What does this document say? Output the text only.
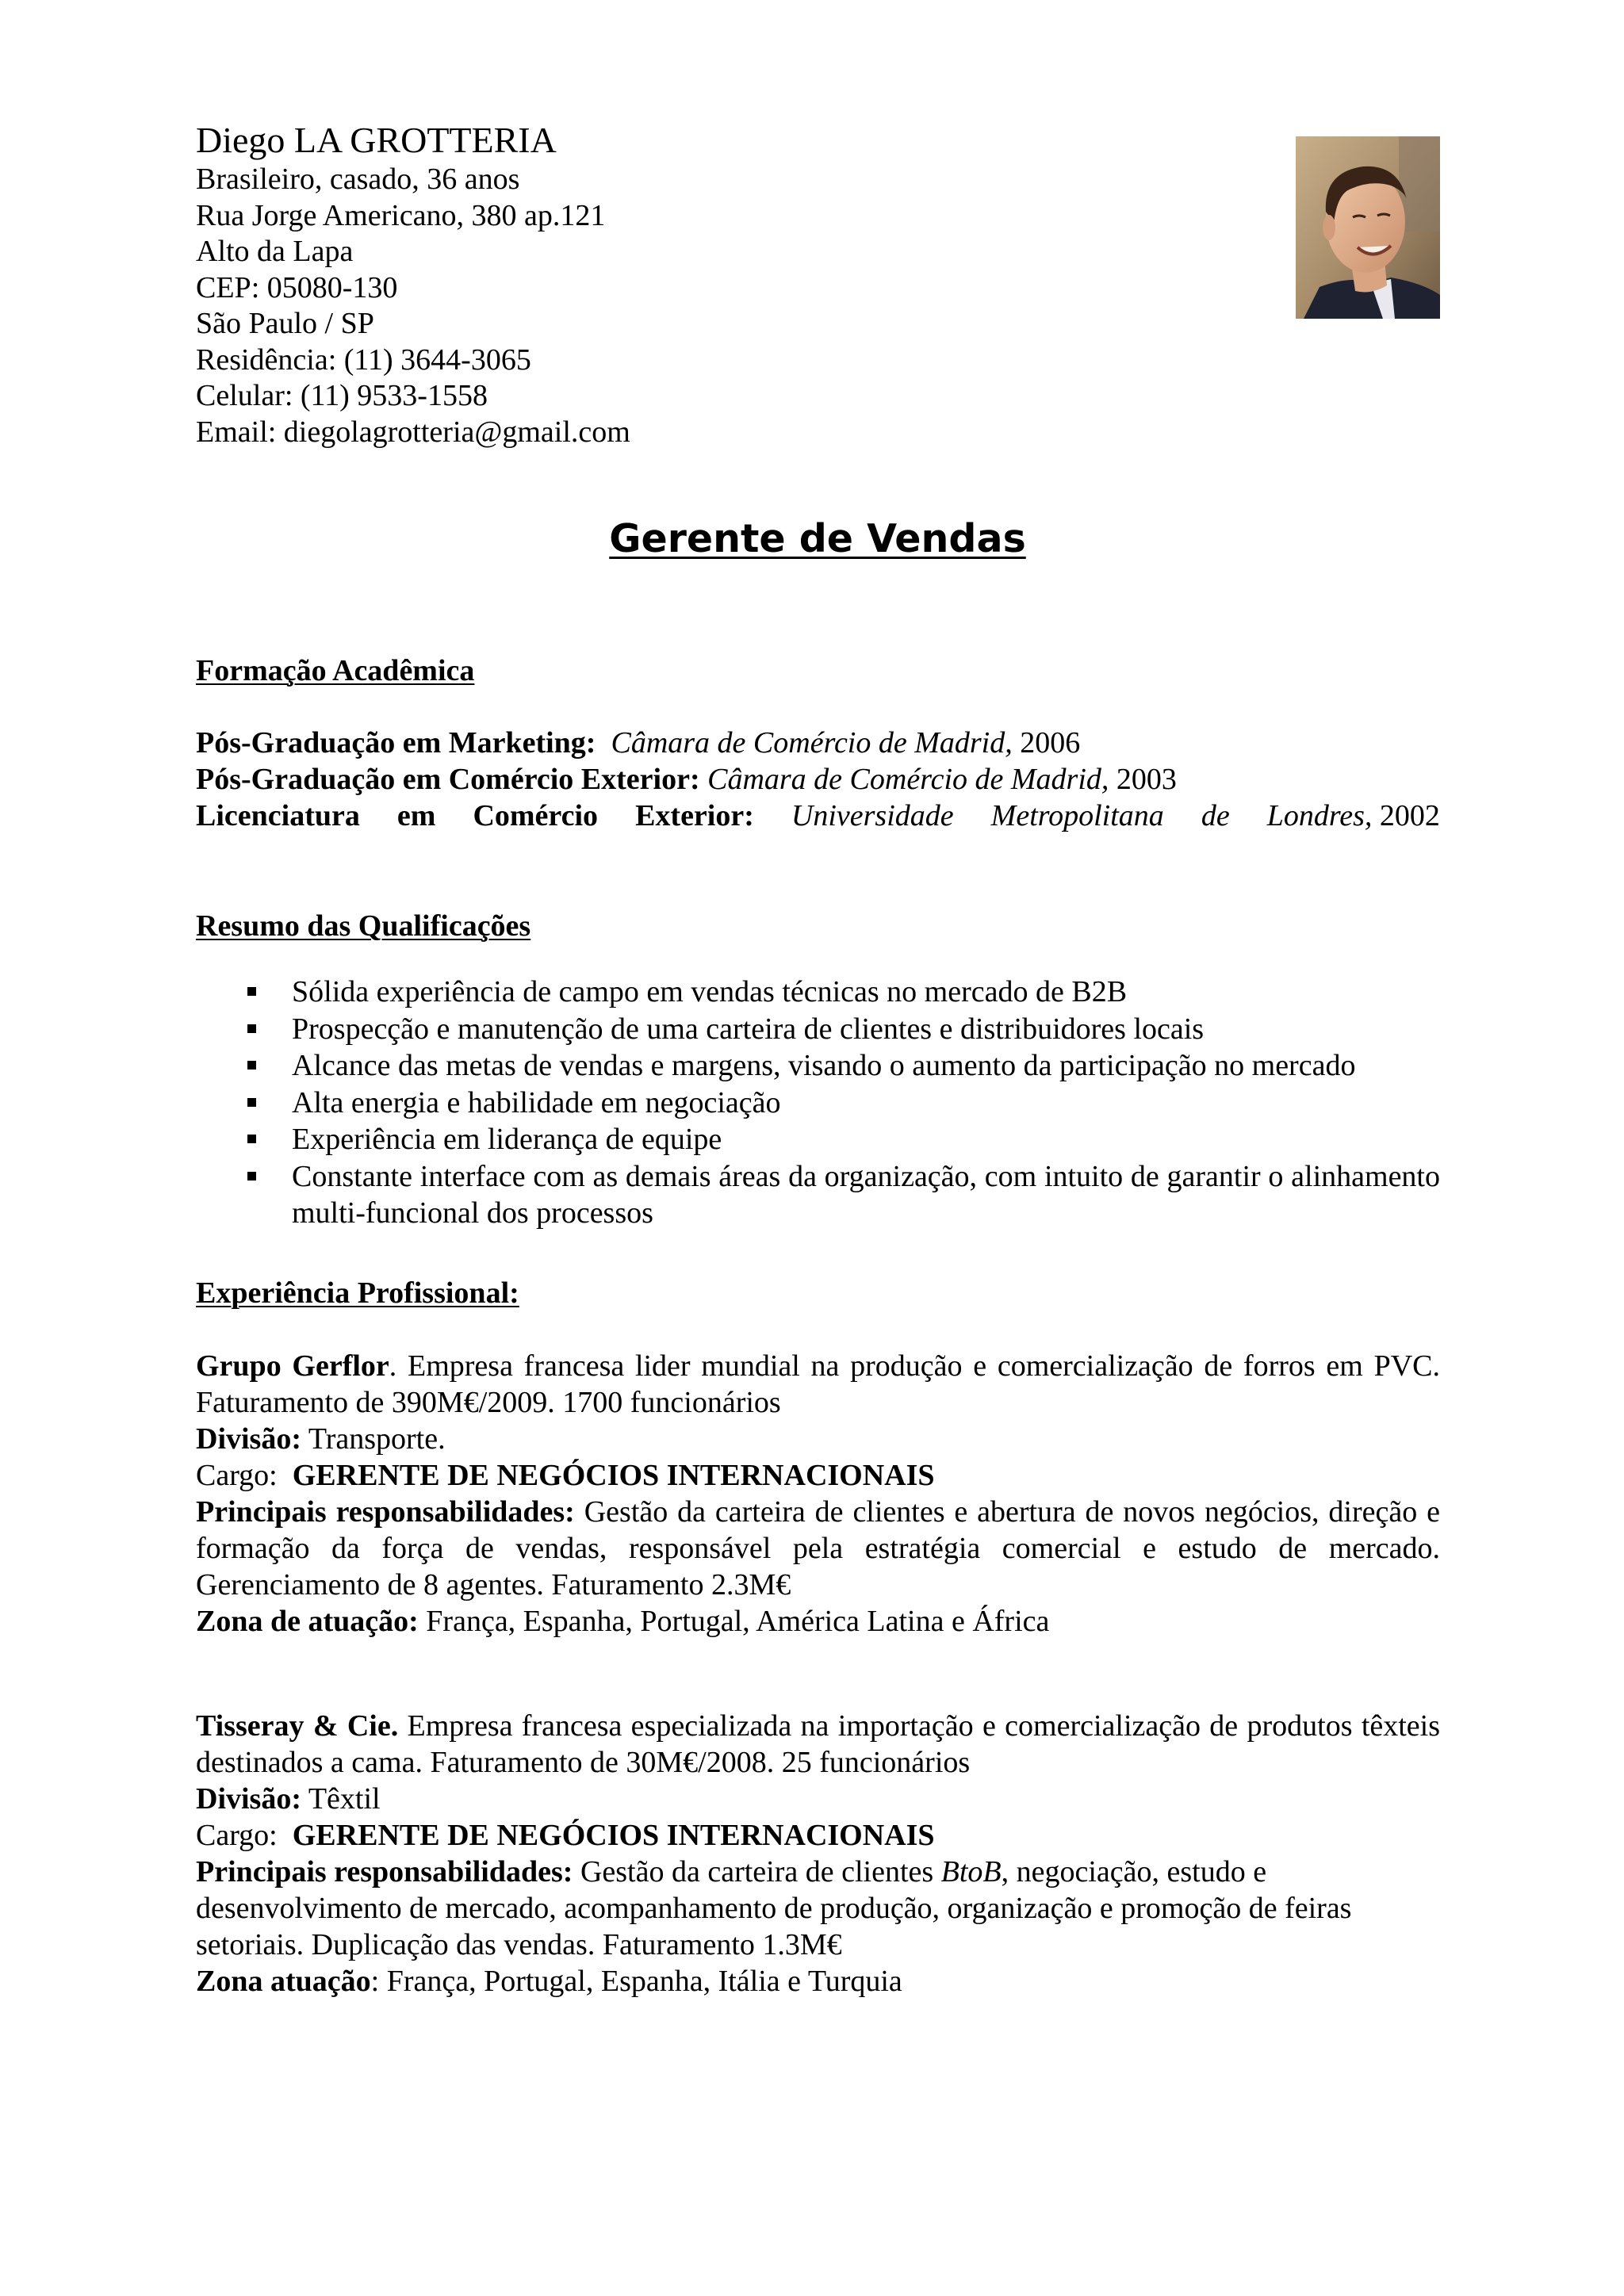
Diego LA GROTTERIA
Brasileiro, casado, 36 anos
Rua Jorge Americano, 380 ap.121
Alto da Lapa
CEP: 05080-130
São Paulo / SP
Residência: (11) 3644-3065
Celular: (11) 9533-1558
Email: diegolagrotteria@gmail.com
Gerente de Vendas
Formação Acadêmica
Pós-Graduação em Marketing: Câmara de Comércio de Madrid, 2006
Pós-Graduação em Comércio Exterior: Câmara de Comércio de Madrid, 2003
Licenciatura em Comércio Exterior: Universidade Metropolitana de Londres, 2002
Resumo das Qualificações
Sólida experiência de campo em vendas técnicas no mercado de B2B
Prospecção e manutenção de uma carteira de clientes e distribuidores locais
Alcance das metas de vendas e margens, visando o aumento da participação no mercado
Alta energia e habilidade em negociação
Experiência em liderança de equipe
Constante interface com as demais áreas da organização, com intuito de garantir o alinhamento multi-funcional dos processos
Experiência Profissional:
Grupo Gerflor. Empresa francesa lider mundial na produção e comercialização de forros em PVC. Faturamento de 390M€/2009. 1700 funcionários
Divisão: Transporte.
Cargo:  GERENTE DE NEGÓCIOS INTERNACIONAIS
Principais responsabilidades: Gestão da carteira de clientes e abertura de novos negócios, direção e formação da força de vendas, responsável pela estratégia comercial e estudo de mercado. Gerenciamento de 8 agentes. Faturamento 2.3M€
Zona de atuação: França, Espanha, Portugal, América Latina e África
Tisseray & Cie. Empresa francesa especializada na importação e comercialização de produtos têxteis destinados a cama. Faturamento de 30M€/2008. 25 funcionários
Divisão: Têxtil
Cargo:  GERENTE DE NEGÓCIOS INTERNACIONAIS
Principais responsabilidades: Gestão da carteira de clientes BtoB, negociação, estudo e
desenvolvimento de mercado, acompanhamento de produção, organização e promoção de feiras
setoriais. Duplicação das vendas. Faturamento 1.3M€
Zona atuação: França, Portugal, Espanha, Itália e Turquia
